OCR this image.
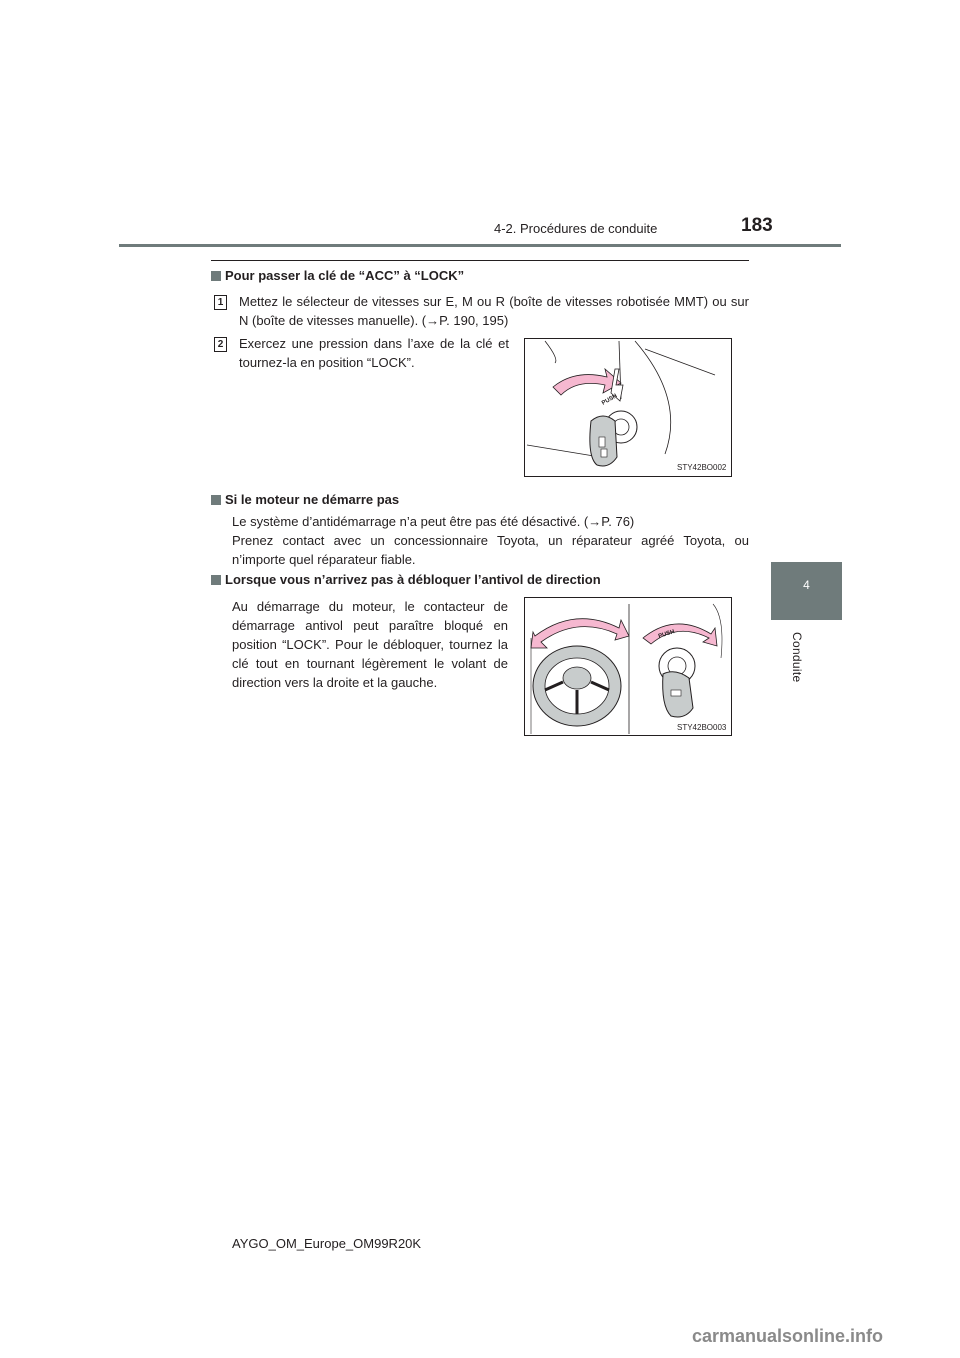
4-2. Procédures de conduite	183
4
Conduite
Pour passer la clé de “ACC” à “LOCK”
1 Mettez le sélecteur de vitesses sur E, M ou R (boîte de vitesses robotisée MMT) ou sur N (boîte de vitesses manuelle). (→P. 190, 195)
2 Exercez une pression dans l’axe de la clé et tournez-la en position “LOCK”.
PUSH
STY42BO002
Si le moteur ne démarre pas
Le système d’antidémarrage n’a peut être pas été désactivé. (→P. 76)
Prenez contact avec un concessionnaire Toyota, un réparateur agréé Toyota, ou n’importe quel réparateur fiable.
Lorsque vous n’arrivez pas à débloquer l’antivol de direction
Au démarrage du moteur, le contacteur de démarrage antivol peut paraître bloqué en position “LOCK”. Pour le débloquer, tournez la clé tout en tournant légèrement le volant de direction vers la droite et la gauche.
PUSH
STY42BO003
AYGO_OM_Europe_OM99R20K
carmanualsonline.info
